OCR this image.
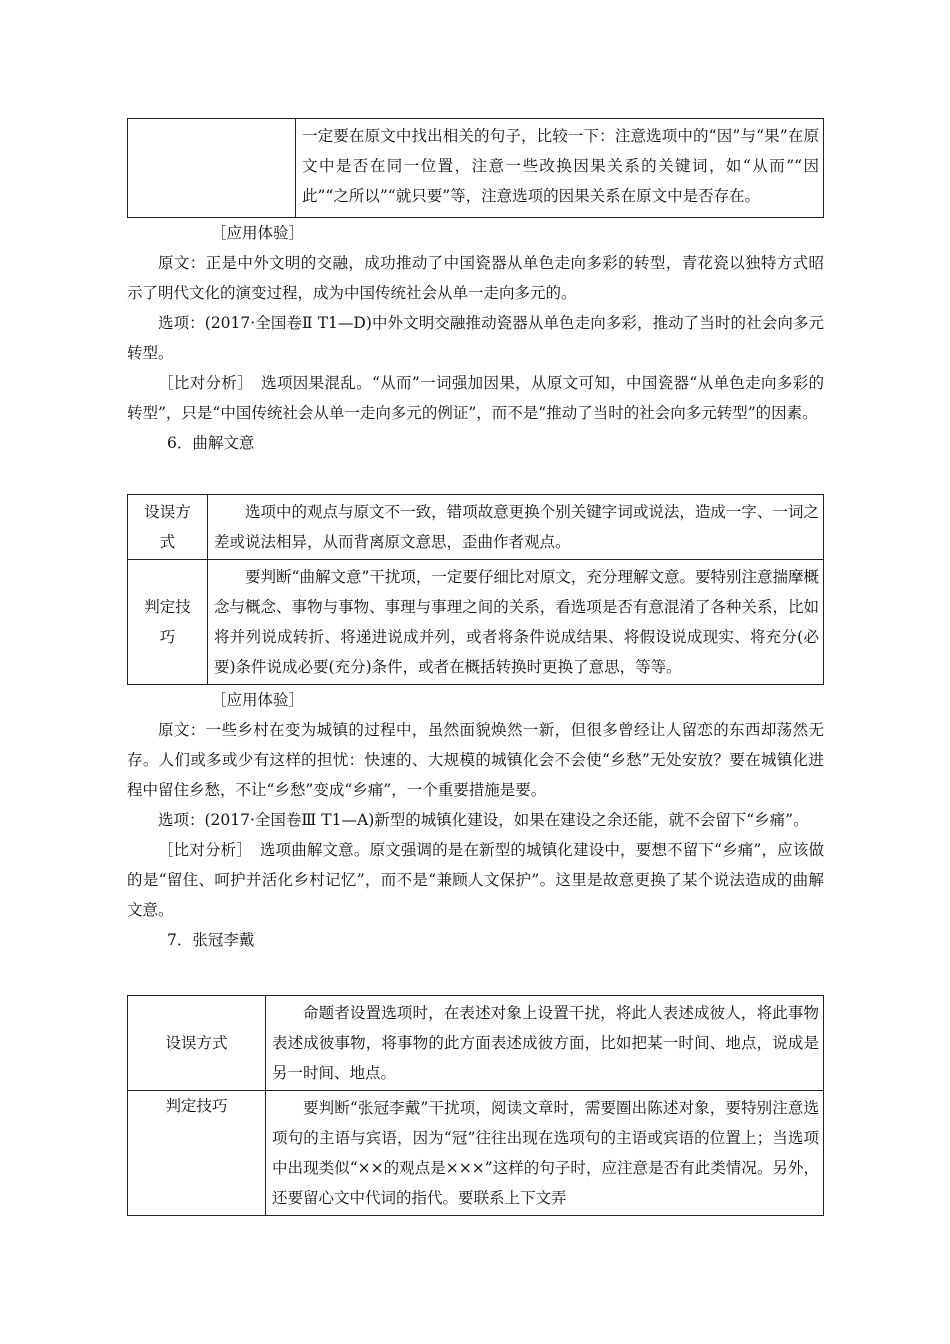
一定要在原文中找出相关的句子，比较一下：注意选项中的“因”与“果”在原文中是否在同一位置，注意一些改换因果关系的关键词，如“从而”“因此”“之所以”“就只要”等，注意选项的因果关系在原文中是否存在。

［应用体验］

原文：正是中外文明的交融，成功推动了中国瓷器从单色走向多彩的转型，青花瓷以独特方式昭示了明代文化的演变过程，成为中国传统社会从单一走向多元的。

选项：(2017·全国卷Ⅱ T1—D)中外文明交融推动瓷器从单色走向多彩，推动了当时的社会向多元转型。

［比对分析］　选项因果混乱。“从而”一词强加因果，从原文可知，中国瓷器“从单色走向多彩的转型”，只是“中国传统社会从单一走向多元的例证”，而不是“推动了当时的社会向多元转型”的因素。

6．曲解文意

设误方式	选项中的观点与原文不一致，错项故意更换个别关键字词或说法，造成一字、一词之差或说法相异，从而背离原文意思，歪曲作者观点。

判定技巧	要判断“曲解文意”干扰项，一定要仔细比对原文，充分理解文意。要特别注意揣摩概念与概念、事物与事物、事理与事理之间的关系，看选项是否有意混淆了各种关系，比如将并列说成转折、将递进说成并列，或者将条件说成结果、将假设说成现实、将充分(必要)条件说成必要(充分)条件，或者在概括转换时更换了意思，等等。

［应用体验］

原文：一些乡村在变为城镇的过程中，虽然面貌焕然一新，但很多曾经让人留恋的东西却荡然无存。人们或多或少有这样的担忧：快速的、大规模的城镇化会不会使“乡愁”无处安放？要在城镇化进程中留住乡愁，不让“乡愁”变成“乡痛”，一个重要措施是要。

选项：(2017·全国卷Ⅲ T1—A)新型的城镇化建设，如果在建设之余还能，就不会留下“乡痛”。

［比对分析］　选项曲解文意。原文强调的是在新型的城镇化建设中，要想不留下“乡痛”，应该做的是“留住、呵护并活化乡村记忆”，而不是“兼顾人文保护”。这里是故意更换了某个说法造成的曲解文意。

7．张冠李戴

设误方式	命题者设置选项时，在表述对象上设置干扰，将此人表述成彼人，将此事物表述成彼事物，将事物的此方面表述成彼方面，比如把某一时间、地点，说成是另一时间、地点。

判定技巧	要判断“张冠李戴”干扰项，阅读文章时，需要圈出陈述对象，要特别注意选项句的主语与宾语，因为“冠”往往出现在选项句的主语或宾语的位置上；当选项中出现类似“××的观点是×××”这样的句子时，应注意是否有此类情况。另外，还要留心文中代词的指代。要联系上下文弄
